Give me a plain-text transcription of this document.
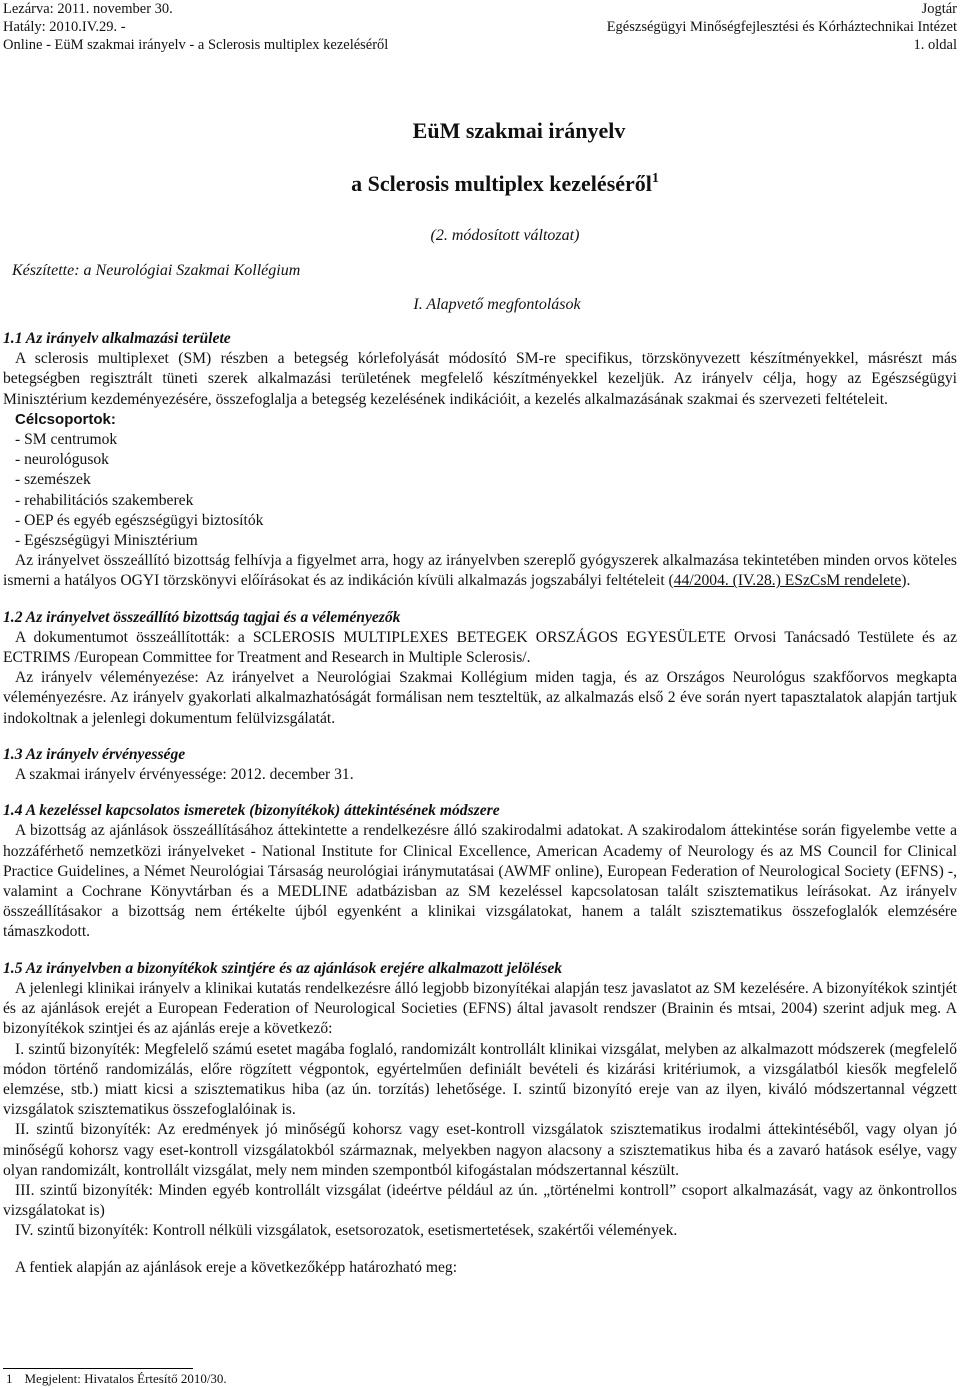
Lezárva: 2011. november 30.
Hatály: 2010.IV.29. -
Online - EüM szakmai irányelv - a Sclerosis multiplex kezeléséről
Jogtár
Egészségügyi Minőségfejlesztési és Kórháztechnikai Intézet
1. oldal
EüM szakmai irányelv
a Sclerosis multiplex kezeléséről$^1$
(2. módosított változat)
Készítette: a Neurológiai Szakmai Kollégium
I. Alapvető megfontolások

1.1 Az irányelv alkalmazási területe

A sclerosis multiplexet (SM) részben a betegség kórlefolyását módosító SM-re specifikus, törzskönyvezett készítményekkel, másrészt más betegségben regisztrált tüneti szerek alkalmazási területének megfelelő készítményekkel kezeljük. Az irányelv célja, hogy az Egészségügyi Minisztérium kezdeményezésére, összefoglalja a betegség kezelésének indikációit, a kezelés alkalmazásának szakmai és szervezeti feltételeit.

Célcsoportok:

- SM centrumok

- neurológusok

- szemészek

- rehabilitációs szakemberek

- OEP és egyéb egészségügyi biztosítók

- Egészségügyi Minisztérium

Az irányelvet összeállító bizottság felhívja a figyelmet arra, hogy az irányelvben szereplő gyógyszerek alkalmazása tekintetében minden orvos köteles ismerni a hatályos OGYI törzskönyvi előírásokat és az indikáción kívüli alkalmazás jogszabályi feltételeit (44/2004. (IV.28.) ESzCsM rendelete).

1.2 Az irányelvet összeállító bizottság tagjai és a véleményezők

A dokumentumot összeállították: a SCLEROSIS MULTIPLEXES BETEGEK ORSZÁGOS EGYESÜLETE Orvosi Tanácsadó Testülete és az ECTRIMS /European Committee for Treatment and Research in Multiple Sclerosis/.

Az irányelv véleményezése: Az irányelvet a Neurológiai Szakmai Kollégium miden tagja, és az Országos Neurológus szakfőorvos megkapta véleményezésre. Az irányelv gyakorlati alkalmazhatóságát formálisan nem teszteltük, az alkalmazás első 2 éve során nyert tapasztalatok alapján tartjuk indokoltnak a jelenlegi dokumentum felülvizsgálatát.

1.3 Az irányelv érvényessége

A szakmai irányelv érvényessége: 2012. december 31.

1.4 A kezeléssel kapcsolatos ismeretek (bizonyítékok) áttekintésének módszere

A bizottság az ajánlások összeállításához áttekintette a rendelkezésre álló szakirodalmi adatokat. A szakirodalom áttekintése során figyelembe vette a hozzáférhető nemzetközi irányelveket - National Institute for Clinical Excellence, American Academy of Neurology és az MS Council for Clinical Practice Guidelines, a Német Neurológiai Társaság neurológiai iránymutatásai (AWMF online), European Federation of Neurological Society (EFNS) -, valamint a Cochrane Könyvtárban és a MEDLINE adatbázisban az SM kezeléssel kapcsolatosan talált szisztematikus leírásokat. Az irányelv összeállításakor a bizottság nem értékelte újból egyenként a klinikai vizsgálatokat, hanem a talált szisztematikus összefoglalók elemzésére támaszkodott.

1.5 Az irányelvben a bizonyítékok szintjére és az ajánlások erejére alkalmazott jelölések

A jelenlegi klinikai irányelv a klinikai kutatás rendelkezésre álló legjobb bizonyítékai alapján tesz javaslatot az SM kezelésére. A bizonyítékok szintjét és az ajánlások erejét a European Federation of Neurological Societies (EFNS) által javasolt rendszer (Brainin és mtsai, 2004) szerint adjuk meg. A bizonyítékok szintjei és az ajánlás ereje a következő:

I. szintű bizonyíték: Megfelelő számú esetet magába foglaló, randomizált kontrollált klinikai vizsgálat, melyben az alkalmazott módszerek (megfelelő módon történő randomizálás, előre rögzített végpontok, egyértelműen definiált bevételi és kizárási kritériumok, a vizsgálatból kiesők megfelelő elemzése, stb.) miatt kicsi a szisztematikus hiba (az ún. torzítás) lehetősége. I. szintű bizonyító ereje van az ilyen, kiváló módszertannal végzett vizsgálatok szisztematikus összefoglalóinak is.

II. szintű bizonyíték: Az eredmények jó minőségű kohorsz vagy eset-kontroll vizsgálatok szisztematikus irodalmi áttekintéséből, vagy olyan jó minőségű kohorsz vagy eset-kontroll vizsgálatokból származnak, melyekben nagyon alacsony a szisztematikus hiba és a zavaró hatások esélye, vagy olyan randomizált, kontrollált vizsgálat, mely nem minden szempontból kifogástalan módszertannal készült.

III. szintű bizonyíték: Minden egyéb kontrollált vizsgálat (ideértve például az ún. „történelmi kontroll” csoport alkalmazását, vagy az önkontrollos vizsgálatokat is)

IV. szintű bizonyíték: Kontroll nélküli vizsgálatok, esetsorozatok, esetismertetések, szakértői vélemények.

A fentiek alapján az ajánlások ereje a következőképp határozható meg:

1 Megjelent: Hivatalos Értesítő 2010/30.
